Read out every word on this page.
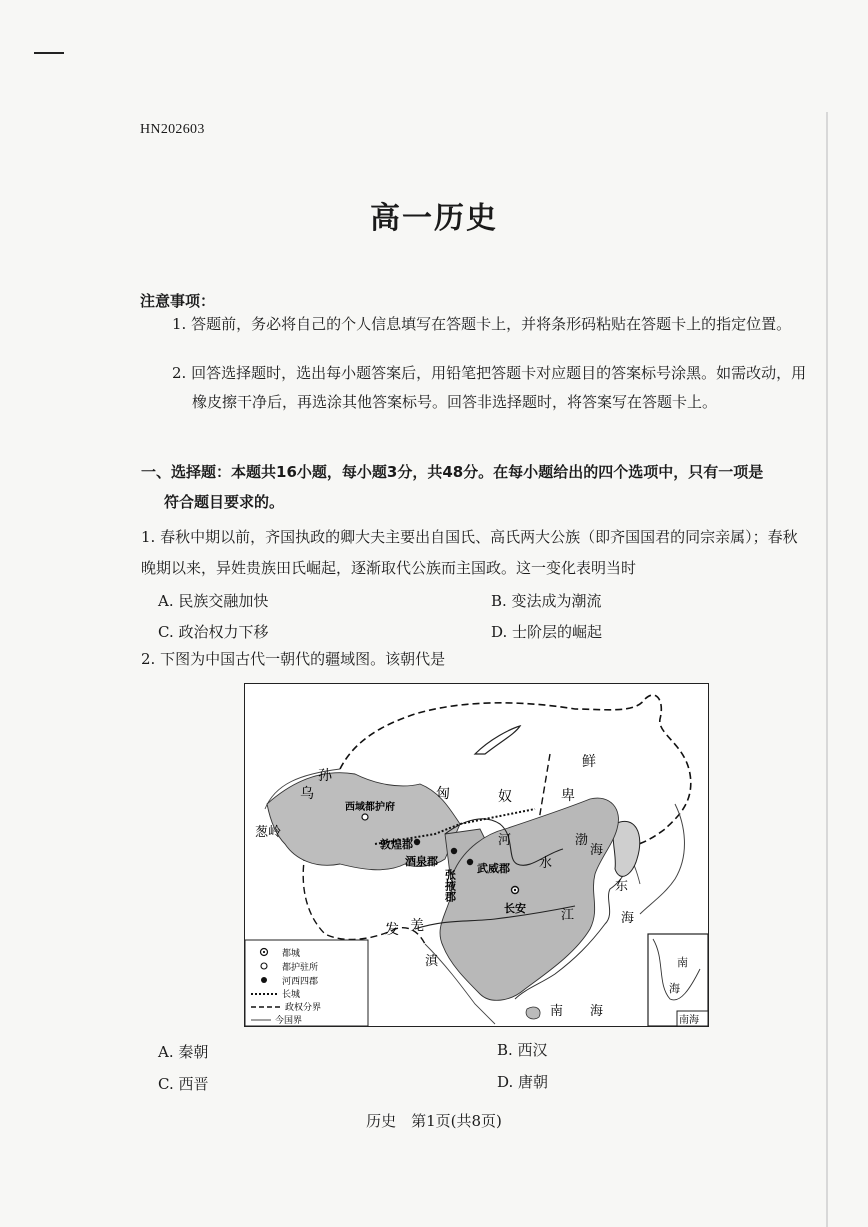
HN202603
高一历史
注意事项：
1. 答题前，务必将自己的个人信息填写在答题卡上，并将条形码粘贴在答题卡上的指定位置。
2. 回答选择题时，选出每小题答案后，用铅笔把答题卡对应题目的答案标号涂黑。如需改动，用橡皮擦干净后，再选涂其他答案标号。回答非选择题时，将答案写在答题卡上。
一、选择题：本题共16小题，每小题3分，共48分。在每小题给出的四个选项中，只有一项是
符合题目要求的。
1. 春秋中期以前，齐国执政的卿大夫主要出自国氏、高氏两大公族（即齐国国君的同宗亲属）；春秋晚期以来，异姓贵族田氏崛起，逐渐取代公族而主国政。这一变化表明当时
A. 民族交融加快	B. 变法成为潮流
C. 政治权力下移	D. 士阶层的崛起
2. 下图为中国古代一朝代的疆域图。该朝代是
乌
孙
匈	奴
鲜
卑
西域都护府
葱岭
敦煌郡
酒泉郡
张掖郡
武威郡
长安
河
水
渤
海
东
海
江
发 羌
滇
南 海
南
海
南海
都城
都护驻所
河西四郡
长城
政权分界
今国界
A. 秦朝	B. 西汉
C. 西晋	D. 唐朝
历史　第1页(共8页)
